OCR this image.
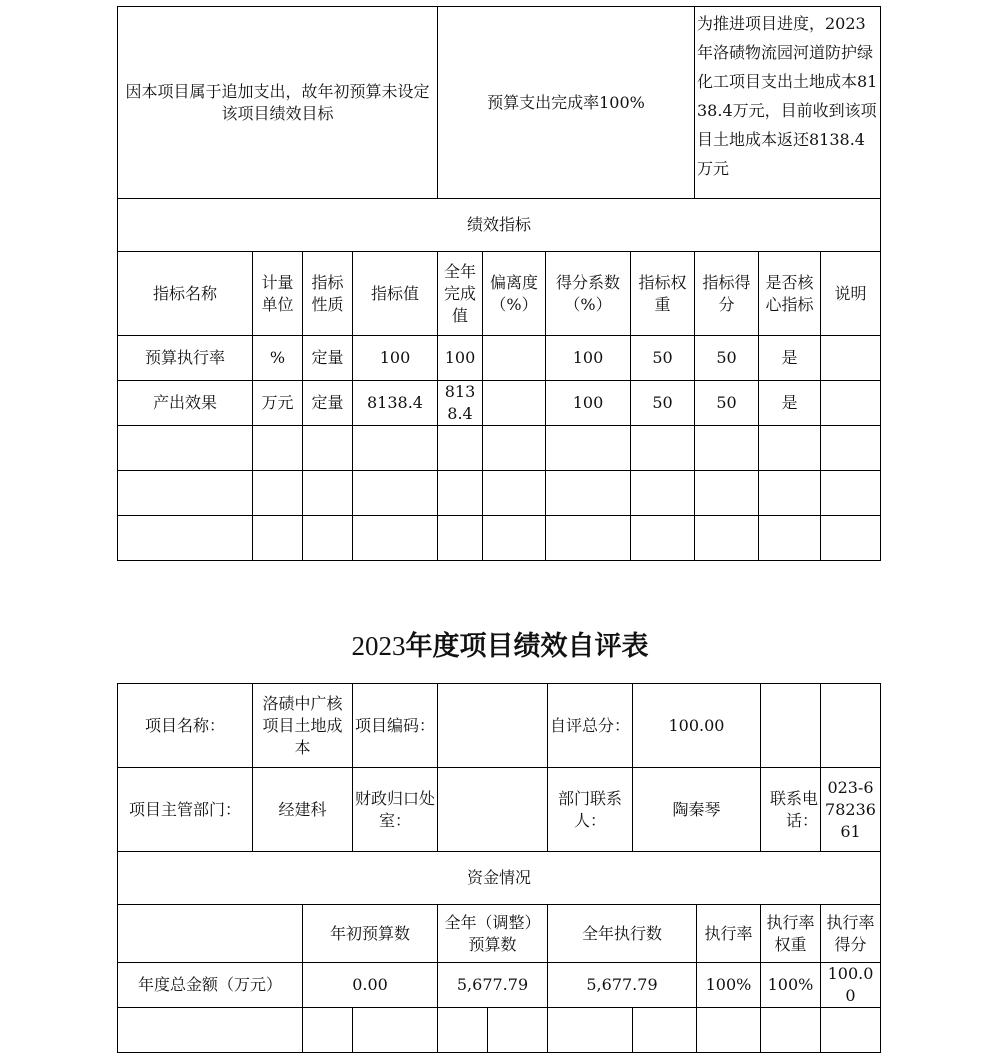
因本项目属于追加支出，故年初预算未设定该项目绩效目标				预算支出完成率100%				为推进项目进度，2023年洛碛物流园河道防护绿化工项目支出土地成本8138.4万元，目前收到该项目土地成本返还8138.4万元		
绩效指标										
指标名称	计量单位	指标性质	指标值	全年完成值	偏离度（%）	得分系数（%）	指标权重	指标得分	是否核心指标	说明
预算执行率	%	定量	100	100		100	50	50	是	
产出效果	万元	定量	8138.4	8138.4		100	50	50	是	

2023年度项目绩效自评表
项目名称：	洛碛中广核项目土地成本		项目编码：			自评总分：	100.00			
项目主管部门：	经建科		财政归口处室：			部门联系人：	陶秦琴		联系电话：	023-67823661
资金情况										
		年初预算数		全年（调整）预算数		全年执行数		执行率	执行率权重	执行率得分
年度总金额（万元）		0.00		5,677.79		5,677.79		100%	100%	100.00
